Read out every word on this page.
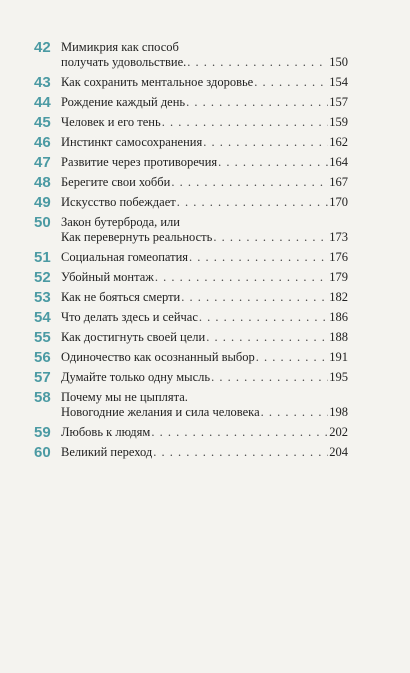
42 Мимикрия как способ
получать удовольствие. . . .	150
43 Как сохранить ментальное здоровье . . .	154
44 Рождение каждый день . . .	157
45 Человек и его тень . . .	159
46 Инстинкт самосохранения . . .	162
47 Развитие через противоречия . . .	164
48 Берегите свои хобби . . .	167
49 Искусство побеждает . . .	170
50 Закон бутерброда, или
Как перевернуть реальность . . .	173
51 Социальная гомеопатия . . .	176
52 Убойный монтаж . . .	179
53 Как не бояться смерти . . .	182
54 Что делать здесь и сейчас . . .	186
55 Как достигнуть своей цели . . .	188
56 Одиночество как осознанный выбор . . .	191
57 Думайте только одну мысль . . .	195
58 Почему мы не цыплята.
Новогодние желания и сила человека . . .	198
59 Любовь к людям . . .	202
60 Великий переход . . .	204
